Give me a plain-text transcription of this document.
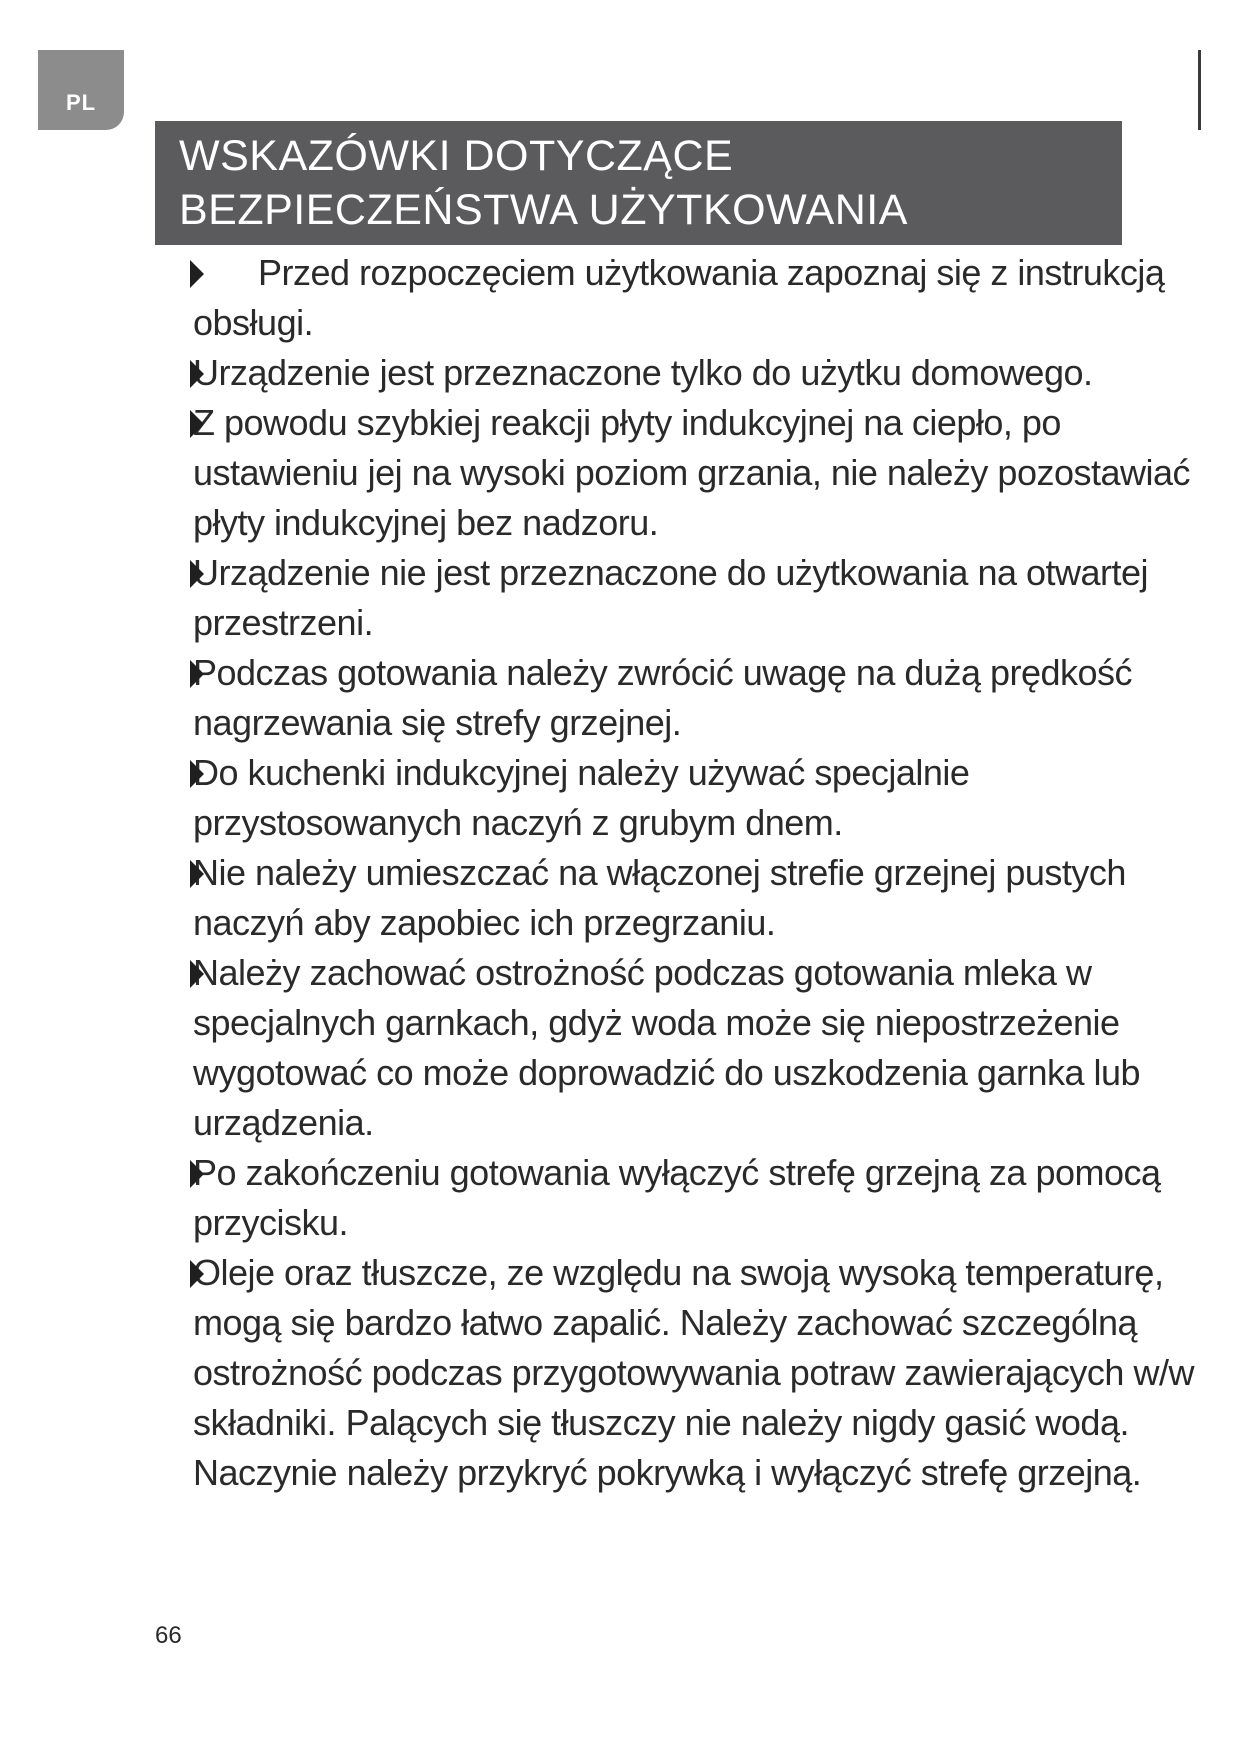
PL
WSKAZÓWKI DOTYCZĄCE
BEZPIECZEŃSTWA UŻYTKOWANIA
Przed rozpoczęciem użytkowania zapoznaj się z instrukcją obsługi.
Urządzenie jest przeznaczone tylko do użytku domowego.
Z powodu szybkiej reakcji płyty indukcyjnej na ciepło, po ustawieniu jej na wysoki poziom grzania, nie należy pozostawiać płyty indukcyjnej bez nadzoru.
Urządzenie nie jest przeznaczone do użytkowania na otwartej przestrzeni.
Podczas gotowania należy zwrócić uwagę na dużą prędkość nagrzewania się strefy grzejnej.
Do kuchenki indukcyjnej należy używać specjalnie przystosowanych naczyń z grubym dnem.
Nie należy umieszczać na włączonej strefie grzejnej pustych naczyń aby zapobiec ich przegrzaniu.
Należy zachować ostrożność podczas gotowania mleka w specjalnych garnkach, gdyż woda może się niepostrzeżenie wygotować co może doprowadzić do uszkodzenia garnka lub urządzenia.
Po zakończeniu gotowania wyłączyć strefę grzejną za pomocą przycisku.
Oleje oraz tłuszcze, ze względu na swoją wysoką temperaturę, mogą się bardzo łatwo zapalić. Należy zachować szczególną ostrożność podczas przygotowywania potraw zawierających w/w składniki. Palących się tłuszczy nie należy nigdy gasić wodą. Naczynie należy przykryć pokrywką i wyłączyć strefę grzejną.
66
